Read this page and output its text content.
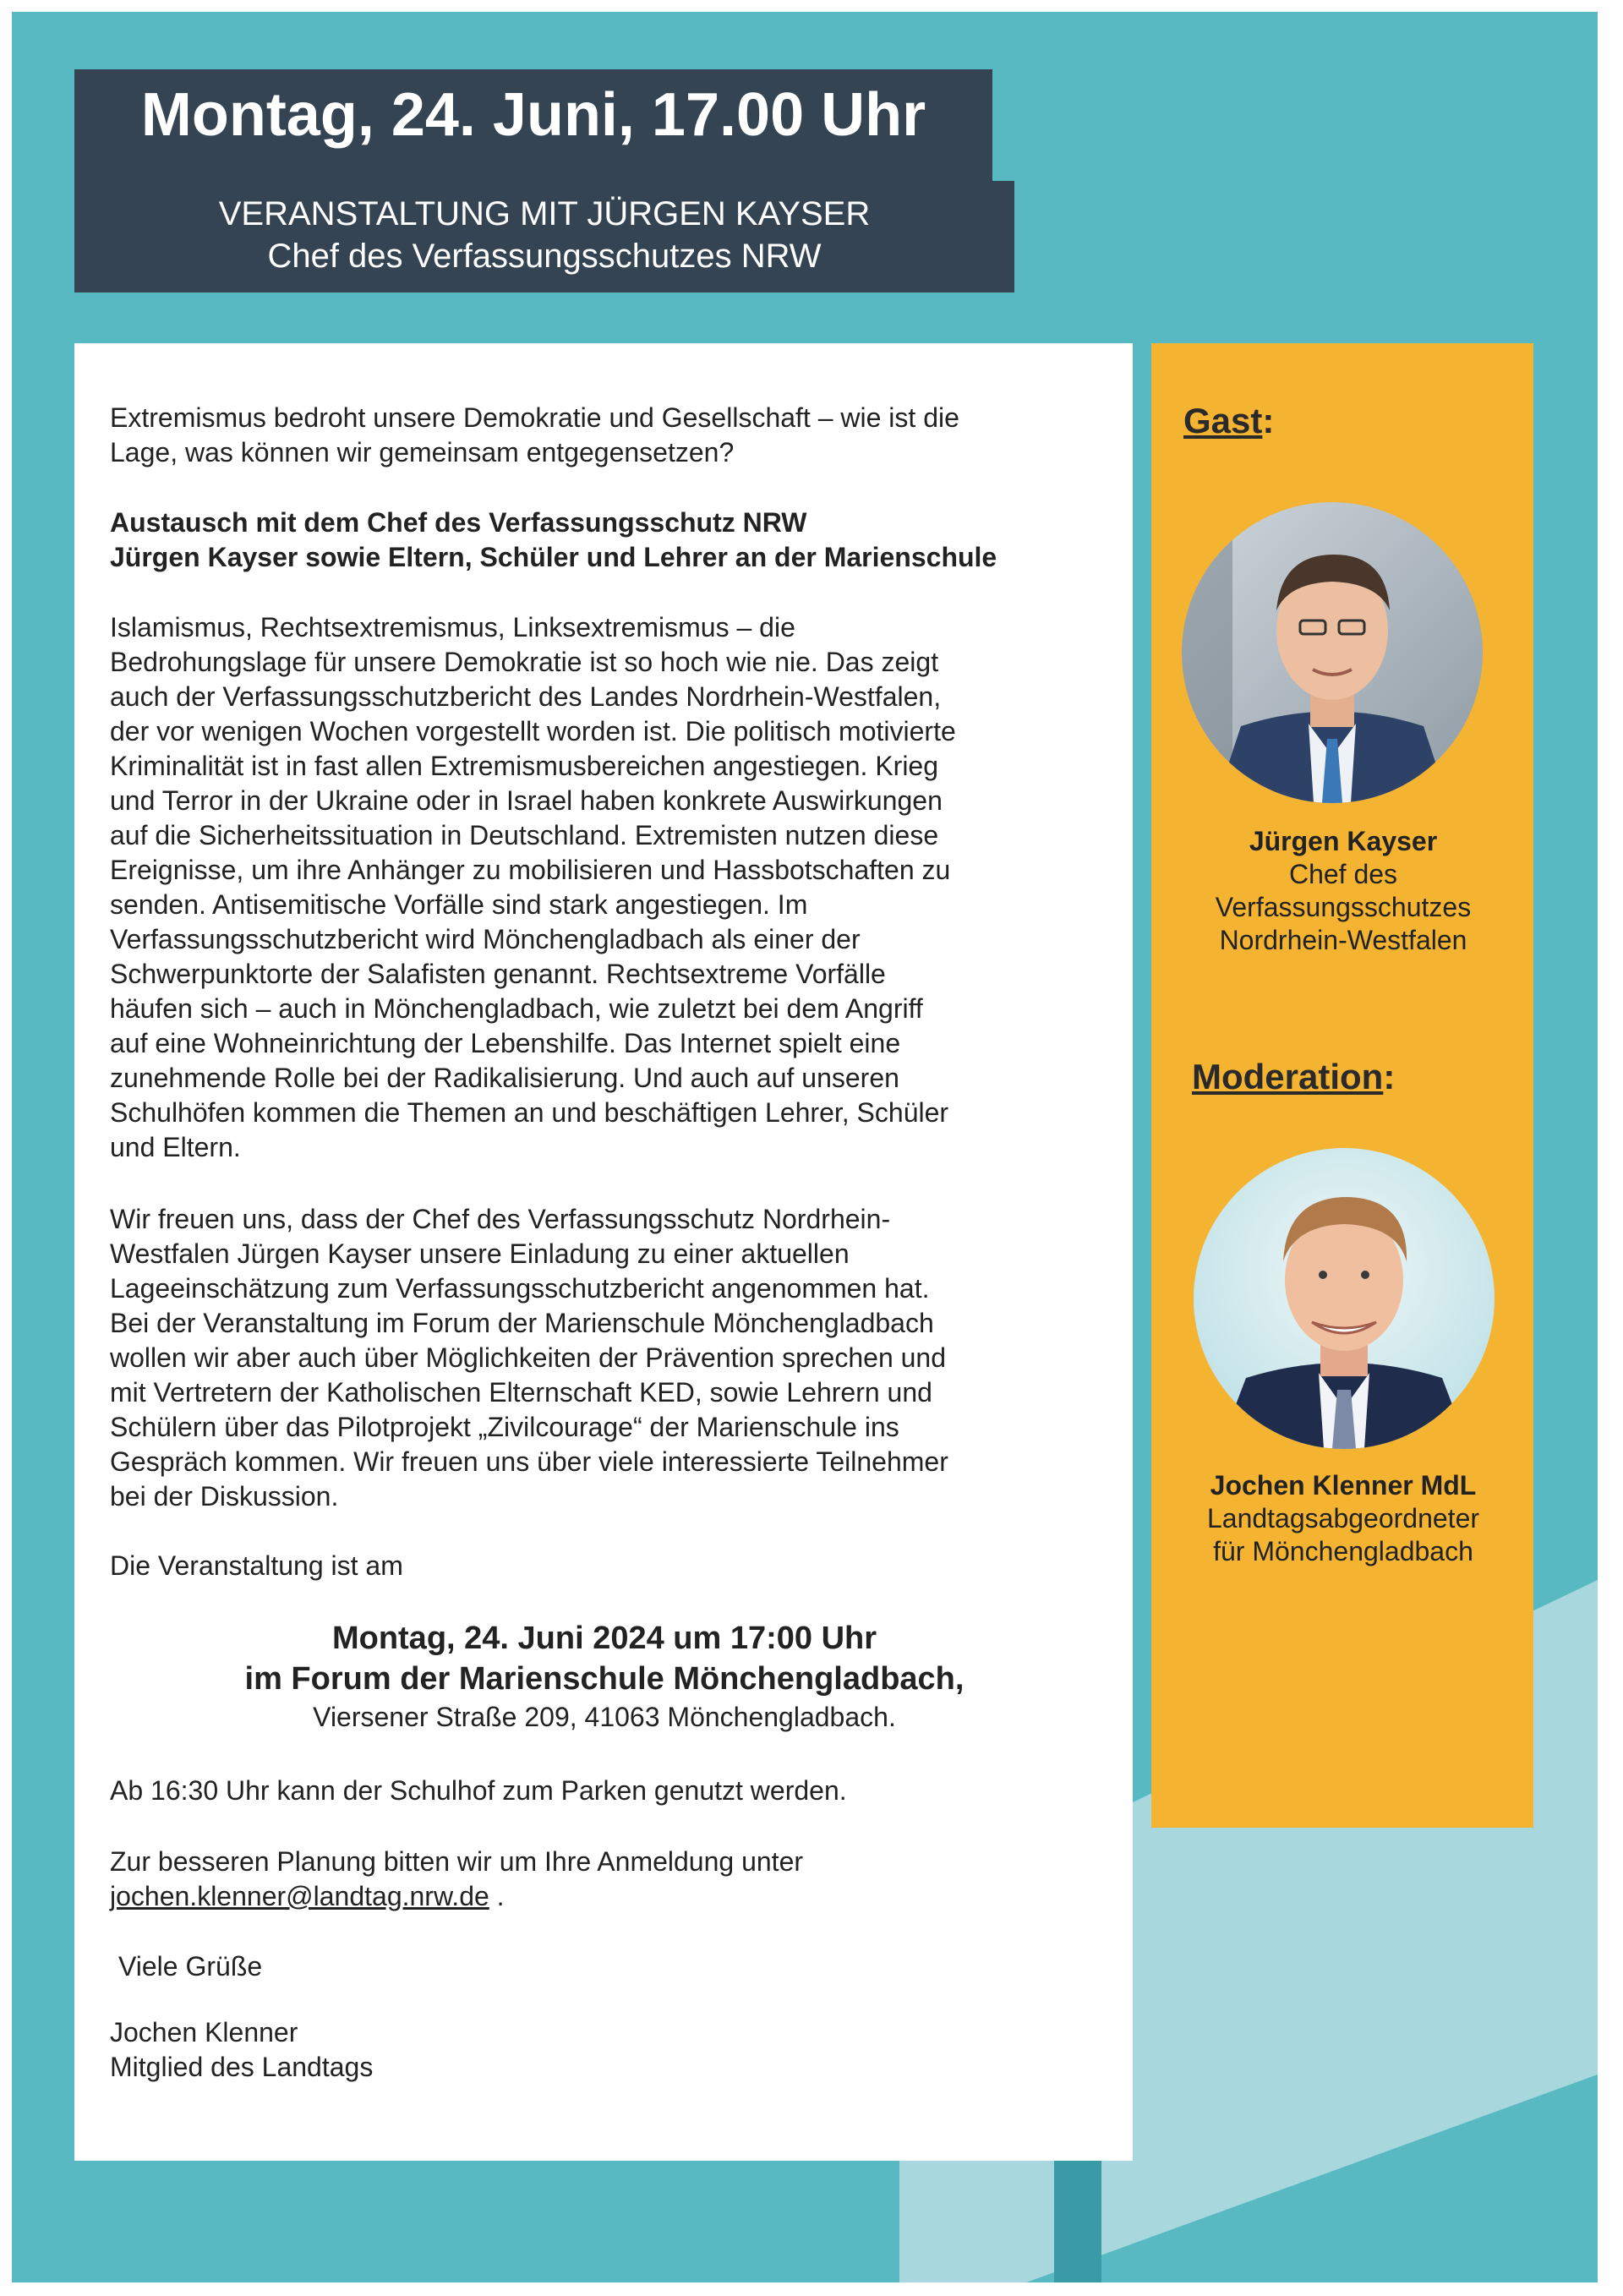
Montag, 24. Juni, 17.00 Uhr
VERANSTALTUNG MIT JÜRGEN KAYSER
Chef des Verfassungsschutzes NRW
Extremismus bedroht unsere Demokratie und Gesellschaft – wie ist die
Lage, was können wir gemeinsam entgegensetzen?
Austausch mit dem Chef des Verfassungsschutz NRW
Jürgen Kayser sowie Eltern, Schüler und Lehrer an der Marienschule
Islamismus, Rechtsextremismus, Linksextremismus – die
Bedrohungslage für unsere Demokratie ist so hoch wie nie. Das zeigt
auch der Verfassungsschutzbericht des Landes Nordrhein-Westfalen,
der vor wenigen Wochen vorgestellt worden ist. Die politisch motivierte
Kriminalität ist in fast allen Extremismusbereichen angestiegen. Krieg
und Terror in der Ukraine oder in Israel haben konkrete Auswirkungen
auf die Sicherheitssituation in Deutschland. Extremisten nutzen diese
Ereignisse, um ihre Anhänger zu mobilisieren und Hassbotschaften zu
senden. Antisemitische Vorfälle sind stark angestiegen. Im
Verfassungsschutzbericht wird Mönchengladbach als einer der
Schwerpunktorte der Salafisten genannt. Rechtsextreme Vorfälle
häufen sich – auch in Mönchengladbach, wie zuletzt bei dem Angriff
auf eine Wohneinrichtung der Lebenshilfe. Das Internet spielt eine
zunehmende Rolle bei der Radikalisierung. Und auch auf unseren
Schulhöfen kommen die Themen an und beschäftigen Lehrer, Schüler
und Eltern.
Wir freuen uns, dass der Chef des Verfassungsschutz Nordrhein-
Westfalen Jürgen Kayser unsere Einladung zu einer aktuellen
Lageeinschätzung zum Verfassungsschutzbericht angenommen hat.
Bei der Veranstaltung im Forum der Marienschule Mönchengladbach
wollen wir aber auch über Möglichkeiten der Prävention sprechen und
mit Vertretern der Katholischen Elternschaft KED, sowie Lehrern und
Schülern über das Pilotprojekt „Zivilcourage“ der Marienschule ins
Gespräch kommen. Wir freuen uns über viele interessierte Teilnehmer
bei der Diskussion.
Die Veranstaltung ist am
Montag, 24. Juni 2024 um 17:00 Uhr
im Forum der Marienschule Mönchengladbach,
Viersener Straße 209, 41063 Mönchengladbach.
Ab 16:30 Uhr kann der Schulhof zum Parken genutzt werden.
Zur besseren Planung bitten wir um Ihre Anmeldung unter
jochen.klenner@landtag.nrw.de .
Viele Grüße
Jochen Klenner
Mitglied des Landtags
Gast:
Jürgen Kayser
Chef des
Verfassungsschutzes
Nordrhein-Westfalen
Moderation:
Jochen Klenner MdL
Landtagsabgeordneter
für Mönchengladbach
